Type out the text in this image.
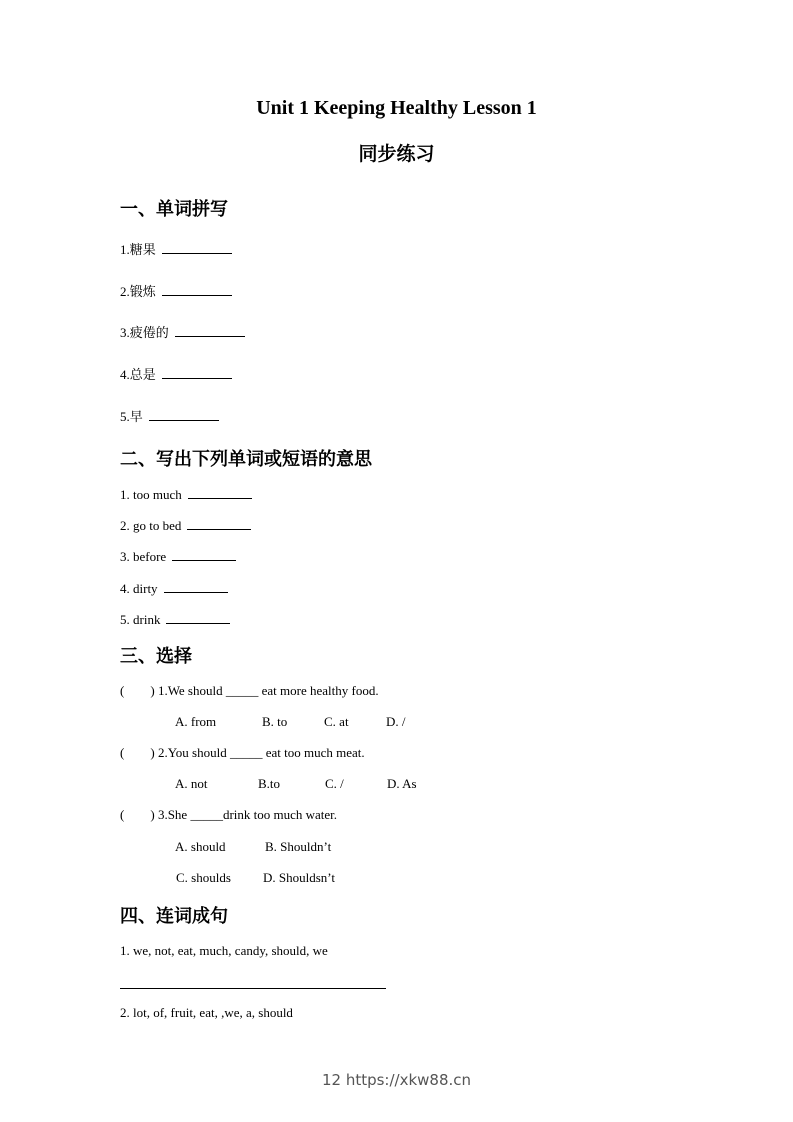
Unit 1 Keeping Healthy Lesson 1
同步练习
一、单词拼写
1.糖果
2.锻炼
3.疲倦的
4.总是
5.早
二、写出下列单词或短语的意思
1. too much
2. go to bed
3. before
4. dirty
5. drink
三、选择
( ) 1.We should _____ eat more healthy food.
A. from	B. to	C. at	D. /
( ) 2.You should _____ eat too much meat.
A. not	B.to	C. /	D. As
( ) 3.She _____drink too much water.
A. should	B. Shouldn’t
C. shoulds D. Shouldsn’t
四、连词成句
1. we, not, eat, much, candy, should, we
2. lot, of, fruit, eat, ,we, a, should
12 https://xkw88.cn
